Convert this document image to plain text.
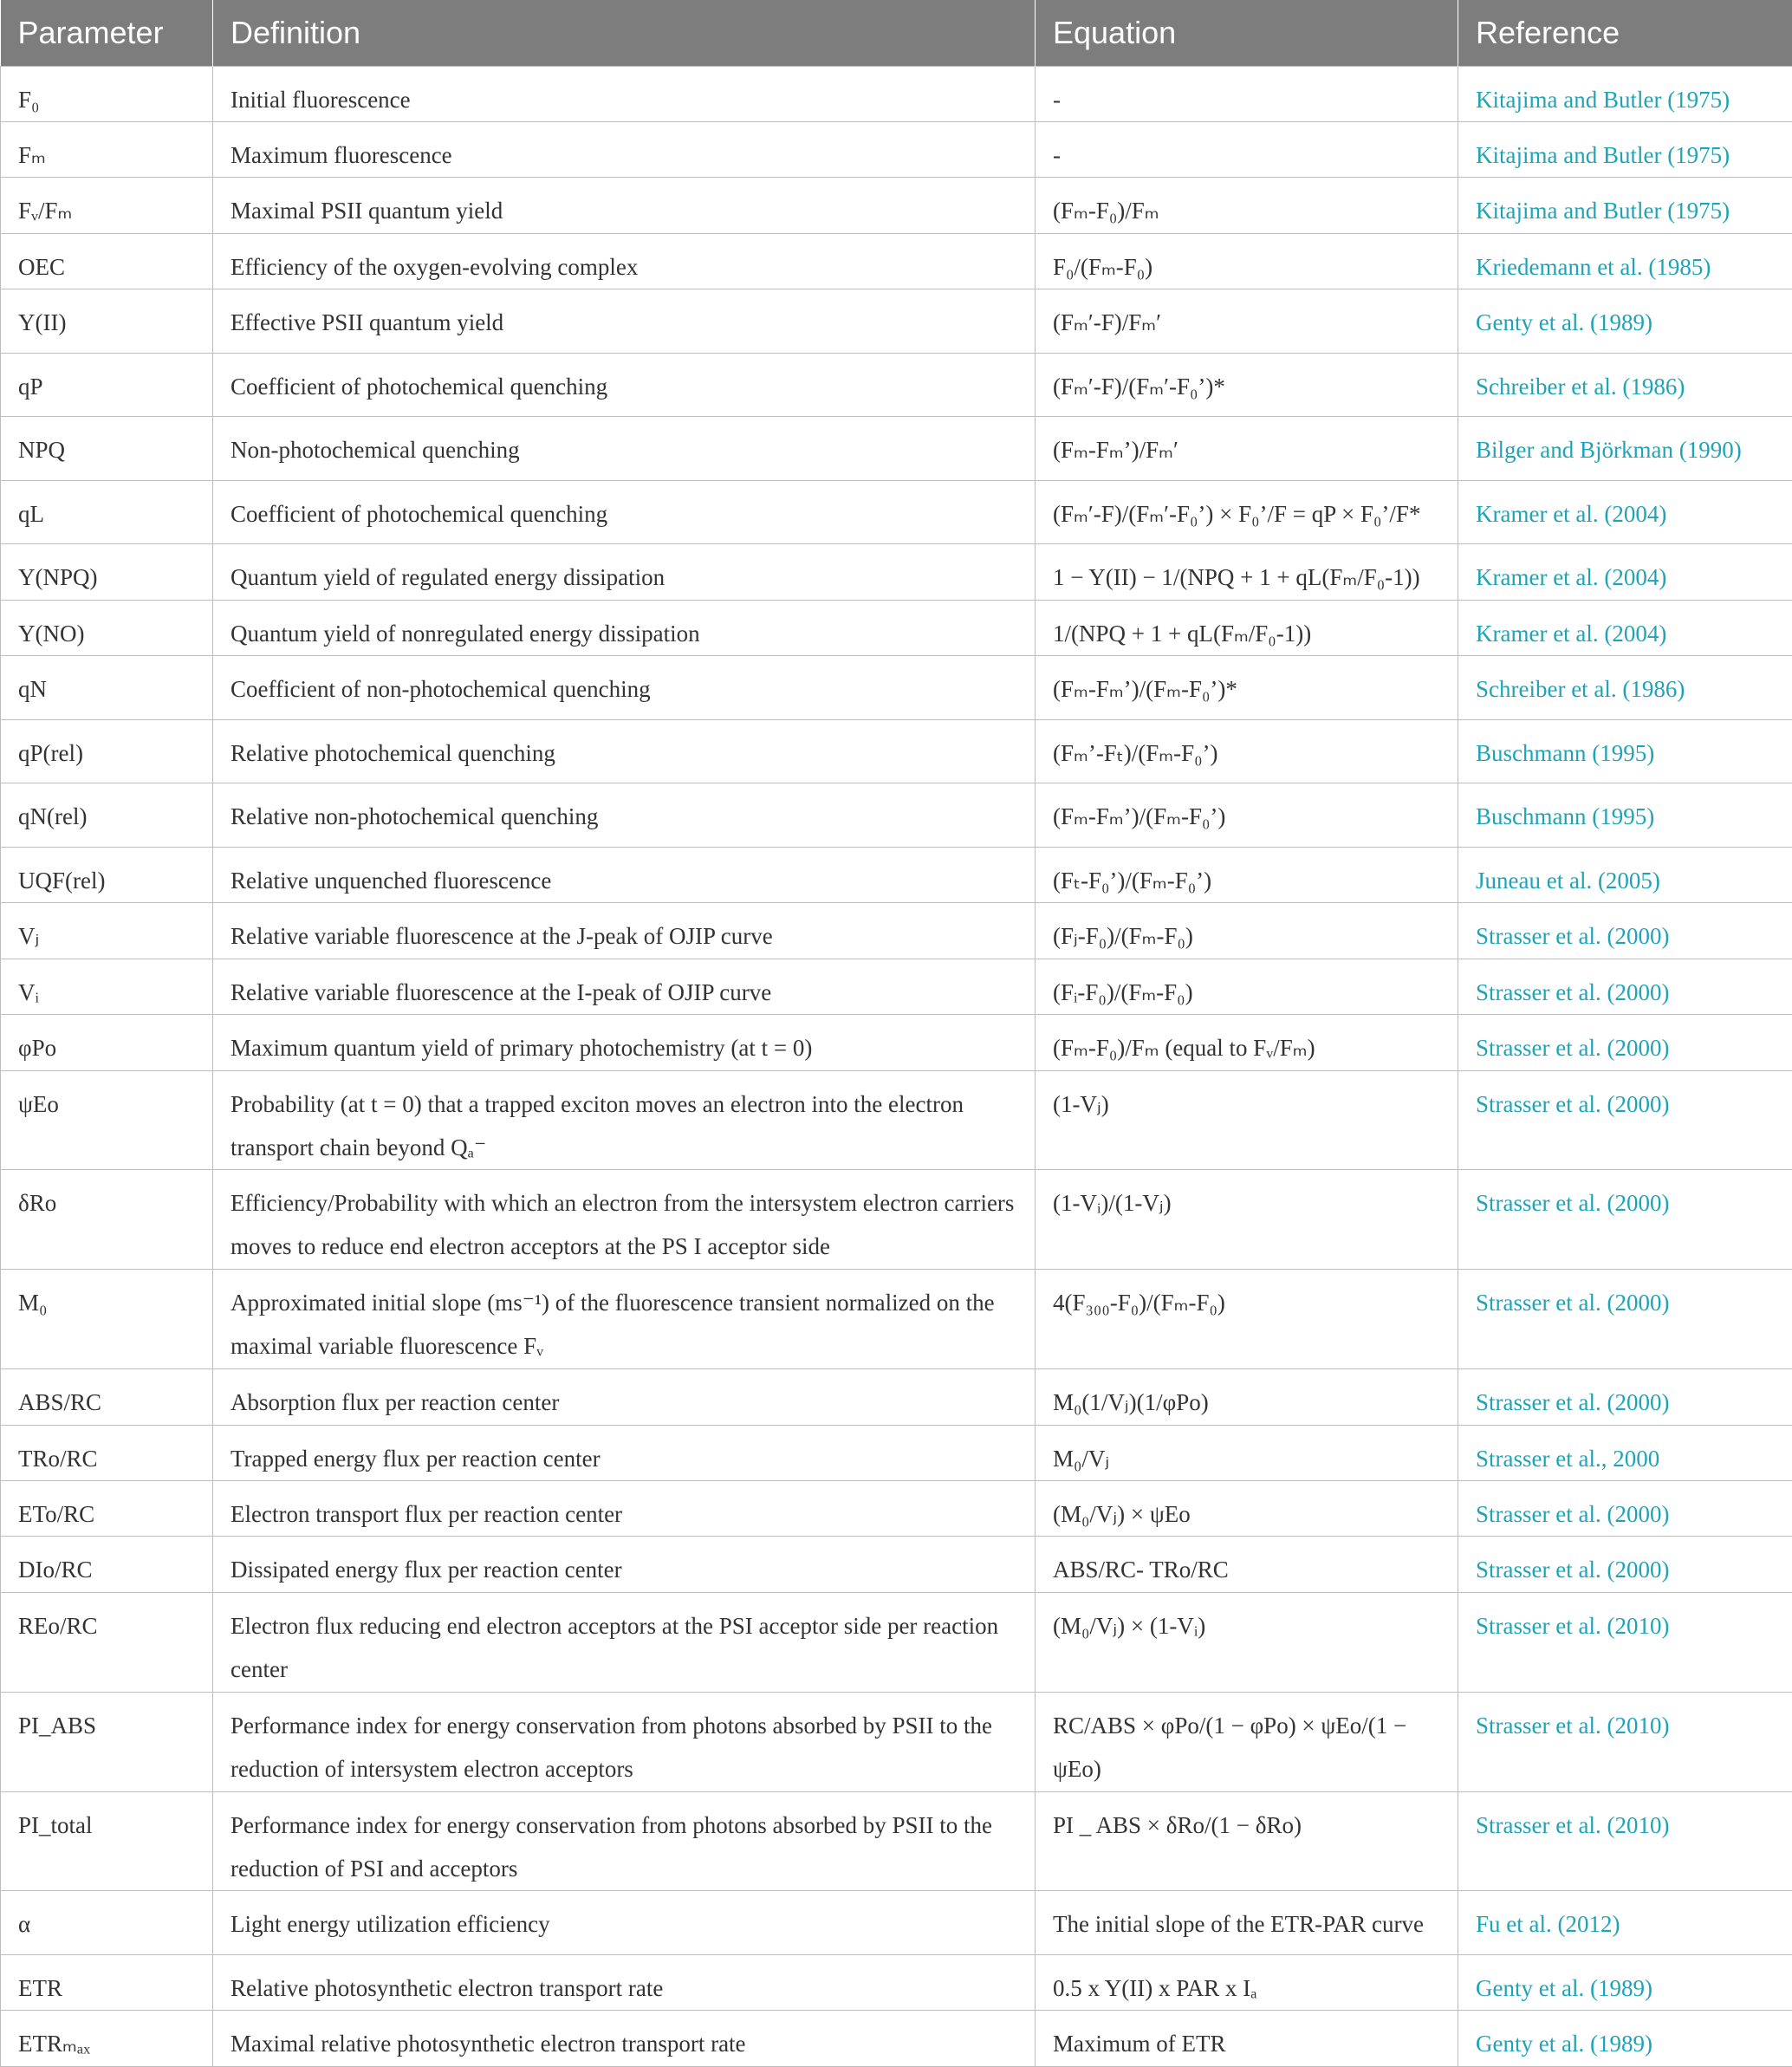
Parameter	Definition	Equation	Reference
F₀	Initial fluorescence	-	Kitajima and Butler (1975)
Fₘ	Maximum fluorescence	-	Kitajima and Butler (1975)
Fᵥ/Fₘ	Maximal PSII quantum yield	(Fₘ-F₀)/Fₘ	Kitajima and Butler (1975)
OEC	Efficiency of the oxygen-evolving complex	F₀/(Fₘ-F₀)	Kriedemann et al. (1985)
Y(II)	Effective PSII quantum yield	(Fₘ′-F)/Fₘ′	Genty et al. (1989)
qP	Coefficient of photochemical quenching	(Fₘ′-F)/(Fₘ′-F₀’)*	Schreiber et al. (1986)
NPQ	Non-photochemical quenching	(Fₘ-Fₘ’)/Fₘ′	Bilger and Björkman (1990)
qL	Coefficient of photochemical quenching	(Fₘ′-F)/(Fₘ′-F₀’) × F₀’/F = qP × F₀’/F*	Kramer et al. (2004)
Y(NPQ)	Quantum yield of regulated energy dissipation	1 − Y(II) − 1/(NPQ + 1 + qL(Fₘ/F₀-1))	Kramer et al. (2004)
Y(NO)	Quantum yield of nonregulated energy dissipation	1/(NPQ + 1 + qL(Fₘ/F₀-1))	Kramer et al. (2004)
qN	Coefficient of non-photochemical quenching	(Fₘ-Fₘ’)/(Fₘ-F₀’)*	Schreiber et al. (1986)
qP(rel)	Relative photochemical quenching	(Fₘ’-Fₜ)/(Fₘ-F₀’)	Buschmann (1995)
qN(rel)	Relative non-photochemical quenching	(Fₘ-Fₘ’)/(Fₘ-F₀’)	Buschmann (1995)
UQF(rel)	Relative unquenched fluorescence	(Fₜ-F₀’)/(Fₘ-F₀’)	Juneau et al. (2005)
Vⱼ	Relative variable fluorescence at the J-peak of OJIP curve	(Fⱼ-F₀)/(Fₘ-F₀)	Strasser et al. (2000)
Vᵢ	Relative variable fluorescence at the I-peak of OJIP curve	(Fᵢ-F₀)/(Fₘ-F₀)	Strasser et al. (2000)
φPo	Maximum quantum yield of primary photochemistry (at t = 0)	(Fₘ-F₀)/Fₘ (equal to Fᵥ/Fₘ)	Strasser et al. (2000)
ψEo	Probability (at t = 0) that a trapped exciton moves an electron into the electron transport chain beyond Qₐ⁻	(1-Vⱼ)	Strasser et al. (2000)
δRo	Efficiency/Probability with which an electron from the intersystem electron carriers moves to reduce end electron acceptors at the PS I acceptor side	(1-Vᵢ)/(1-Vⱼ)	Strasser et al. (2000)
M₀	Approximated initial slope (ms⁻¹) of the fluorescence transient normalized on the maximal variable fluorescence Fᵥ	4(F₃₀₀-F₀)/(Fₘ-F₀)	Strasser et al. (2000)
ABS/RC	Absorption flux per reaction center	M₀(1/Vⱼ)(1/φPo)	Strasser et al. (2000)
TRo/RC	Trapped energy flux per reaction center	M₀/Vⱼ	Strasser et al., 2000
ETo/RC	Electron transport flux per reaction center	(M₀/Vⱼ) × ψEo	Strasser et al. (2000)
DIo/RC	Dissipated energy flux per reaction center	ABS/RC- TRo/RC	Strasser et al. (2000)
REo/RC	Electron flux reducing end electron acceptors at the PSI acceptor side per reaction center	(M₀/Vⱼ) × (1-Vᵢ)	Strasser et al. (2010)
PI_ABS	Performance index for energy conservation from photons absorbed by PSII to the reduction of intersystem electron acceptors	RC/ABS × φPo/(1 − φPo) × ψEo/(1 − ψEo)	Strasser et al. (2010)
PI_total	Performance index for energy conservation from photons absorbed by PSII to the reduction of PSI and acceptors	PI _ ABS × δRo/(1 − δRo)	Strasser et al. (2010)
α	Light energy utilization efficiency	The initial slope of the ETR-PAR curve	Fu et al. (2012)
ETR	Relative photosynthetic electron transport rate	0.5 x Y(II) x PAR x Iₐ	Genty et al. (1989)
ETRₘₐₓ	Maximal relative photosynthetic electron transport rate	Maximum of ETR	Genty et al. (1989)
